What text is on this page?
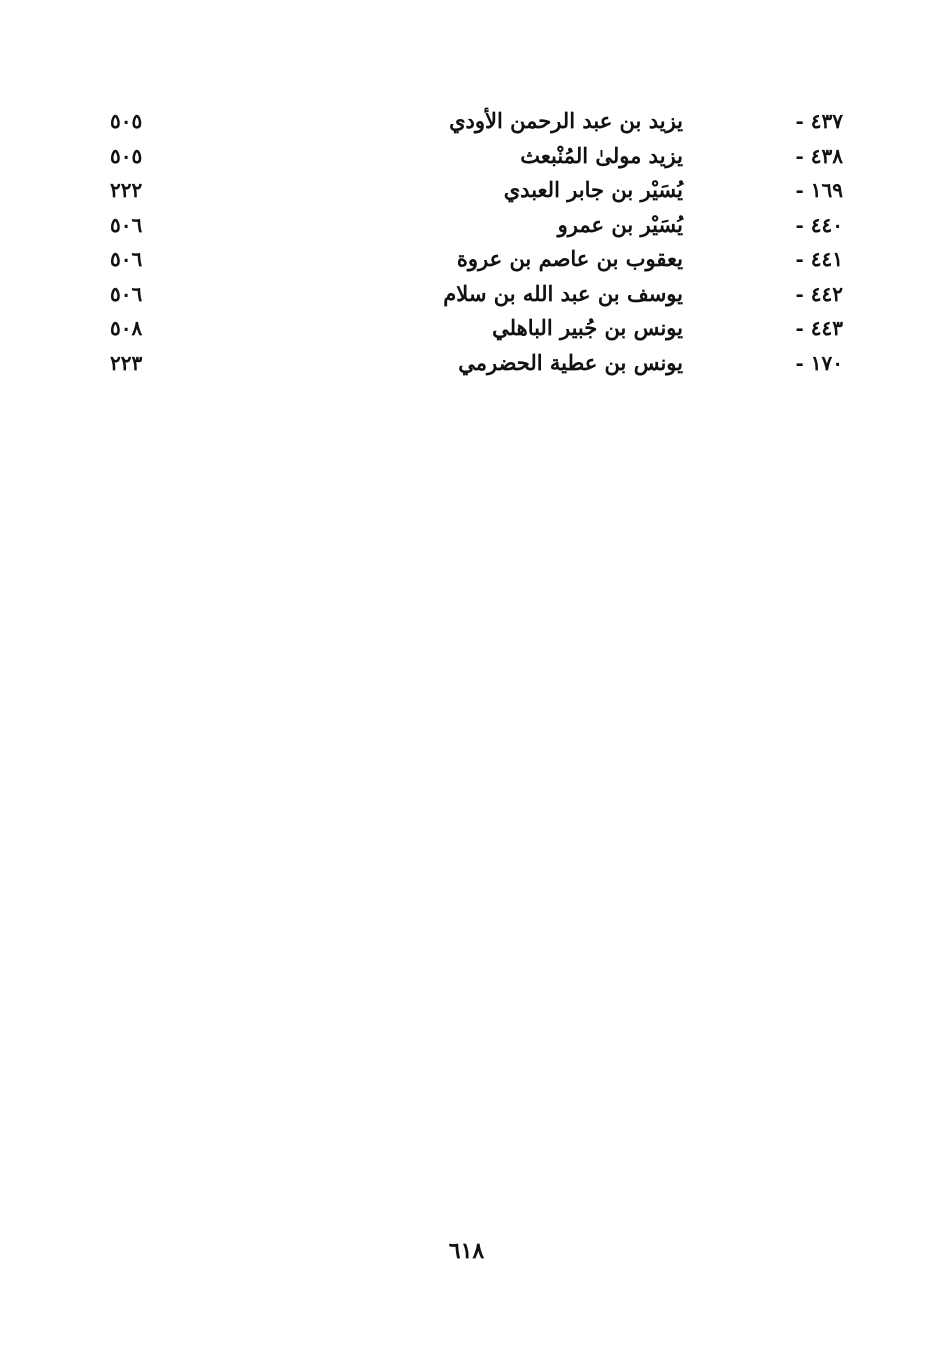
٤٣٧ -
يزيد بن عبد الرحمن الأودي
٥٠٥
٤٣٨ -
يزيد مولىٰ المُنْبعث
٥٠٥
١٦٩ -
يُسَيْر بن جابر العبدي
٢٢٢
٤٤٠ -
يُسَيْر بن عمرو
٥٠٦
٤٤١ -
يعقوب بن عاصم بن عروة
٥٠٦
٤٤٢ -
يوسف بن عبد الله بن سلام
٥٠٦
٤٤٣ -
يونس بن جُبير الباهلي
٥٠٨
١٧٠ -
يونس بن عطية الحضرمي
٢٢٣
٦١٨
